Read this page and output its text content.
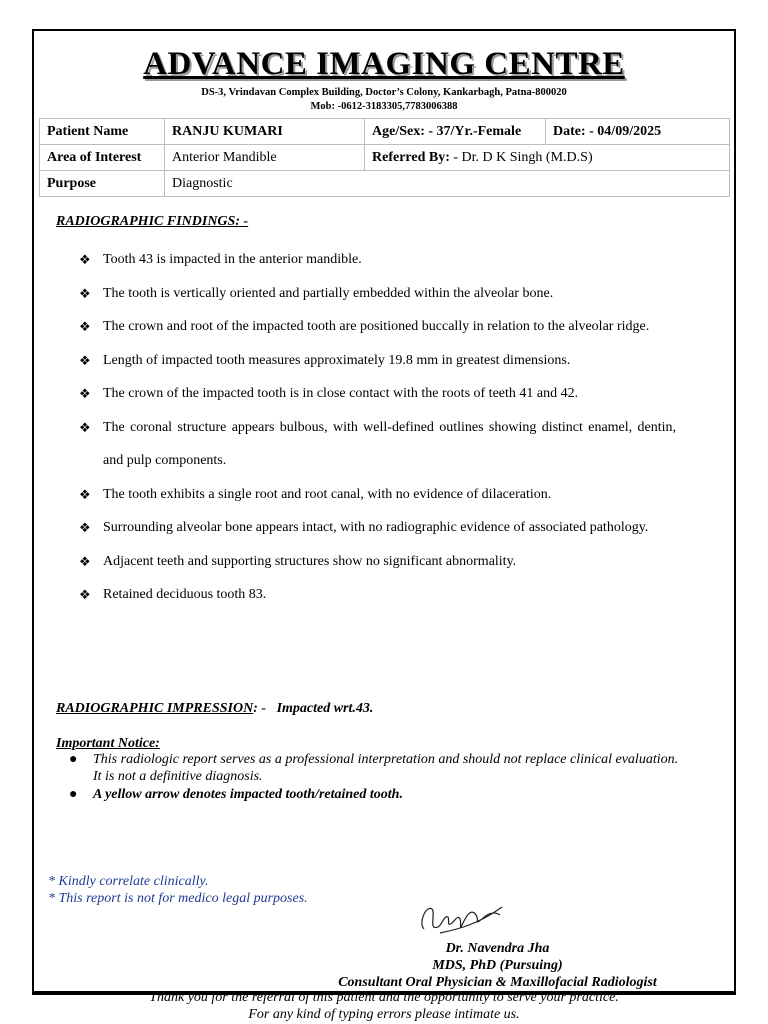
ADVANCE IMAGING CENTRE
DS-3, Vrindavan Complex Building, Doctor’s Colony, Kankarbagh, Patna-800020
Mob: -0612-3183305,7783006388
Patient Name	RANJU KUMARI	Age/Sex: - 37/Yr.-Female	Date: - 04/09/2025
Area of Interest	Anterior Mandible	Referred By: - Dr. D K Singh (M.D.S)	
Purpose	Diagnostic		
RADIOGRAPHIC FINDINGS: -
❖ Tooth 43 is impacted in the anterior mandible.
❖ The tooth is vertically oriented and partially embedded within the alveolar bone.
❖ The crown and root of the impacted tooth are positioned buccally in relation to the alveolar ridge.
❖ Length of impacted tooth measures approximately 19.8 mm in greatest dimensions.
❖ The crown of the impacted tooth is in close contact with the roots of teeth 41 and 42.
❖ The coronal structure appears bulbous, with well-defined outlines showing distinct enamel, dentin, and pulp components.
❖ The tooth exhibits a single root and root canal, with no evidence of dilaceration.
❖ Surrounding alveolar bone appears intact, with no radiographic evidence of associated pathology.
❖ Adjacent teeth and supporting structures show no significant abnormality.
❖ Retained deciduous tooth 83.
RADIOGRAPHIC IMPRESSION: - Impacted wrt.43.
Important Notice:
● This radiologic report serves as a professional interpretation and should not replace clinical evaluation. It is not a definitive diagnosis.
● A yellow arrow denotes impacted tooth/retained tooth.
* Kindly correlate clinically.
* This report is not for medico legal purposes.
Dr. Navendra Jha
MDS, PhD (Pursuing)
Consultant Oral Physician & Maxillofacial Radiologist
Thank you for the referral of this patient and the opportunity to serve your practice.
For any kind of typing errors please intimate us.
